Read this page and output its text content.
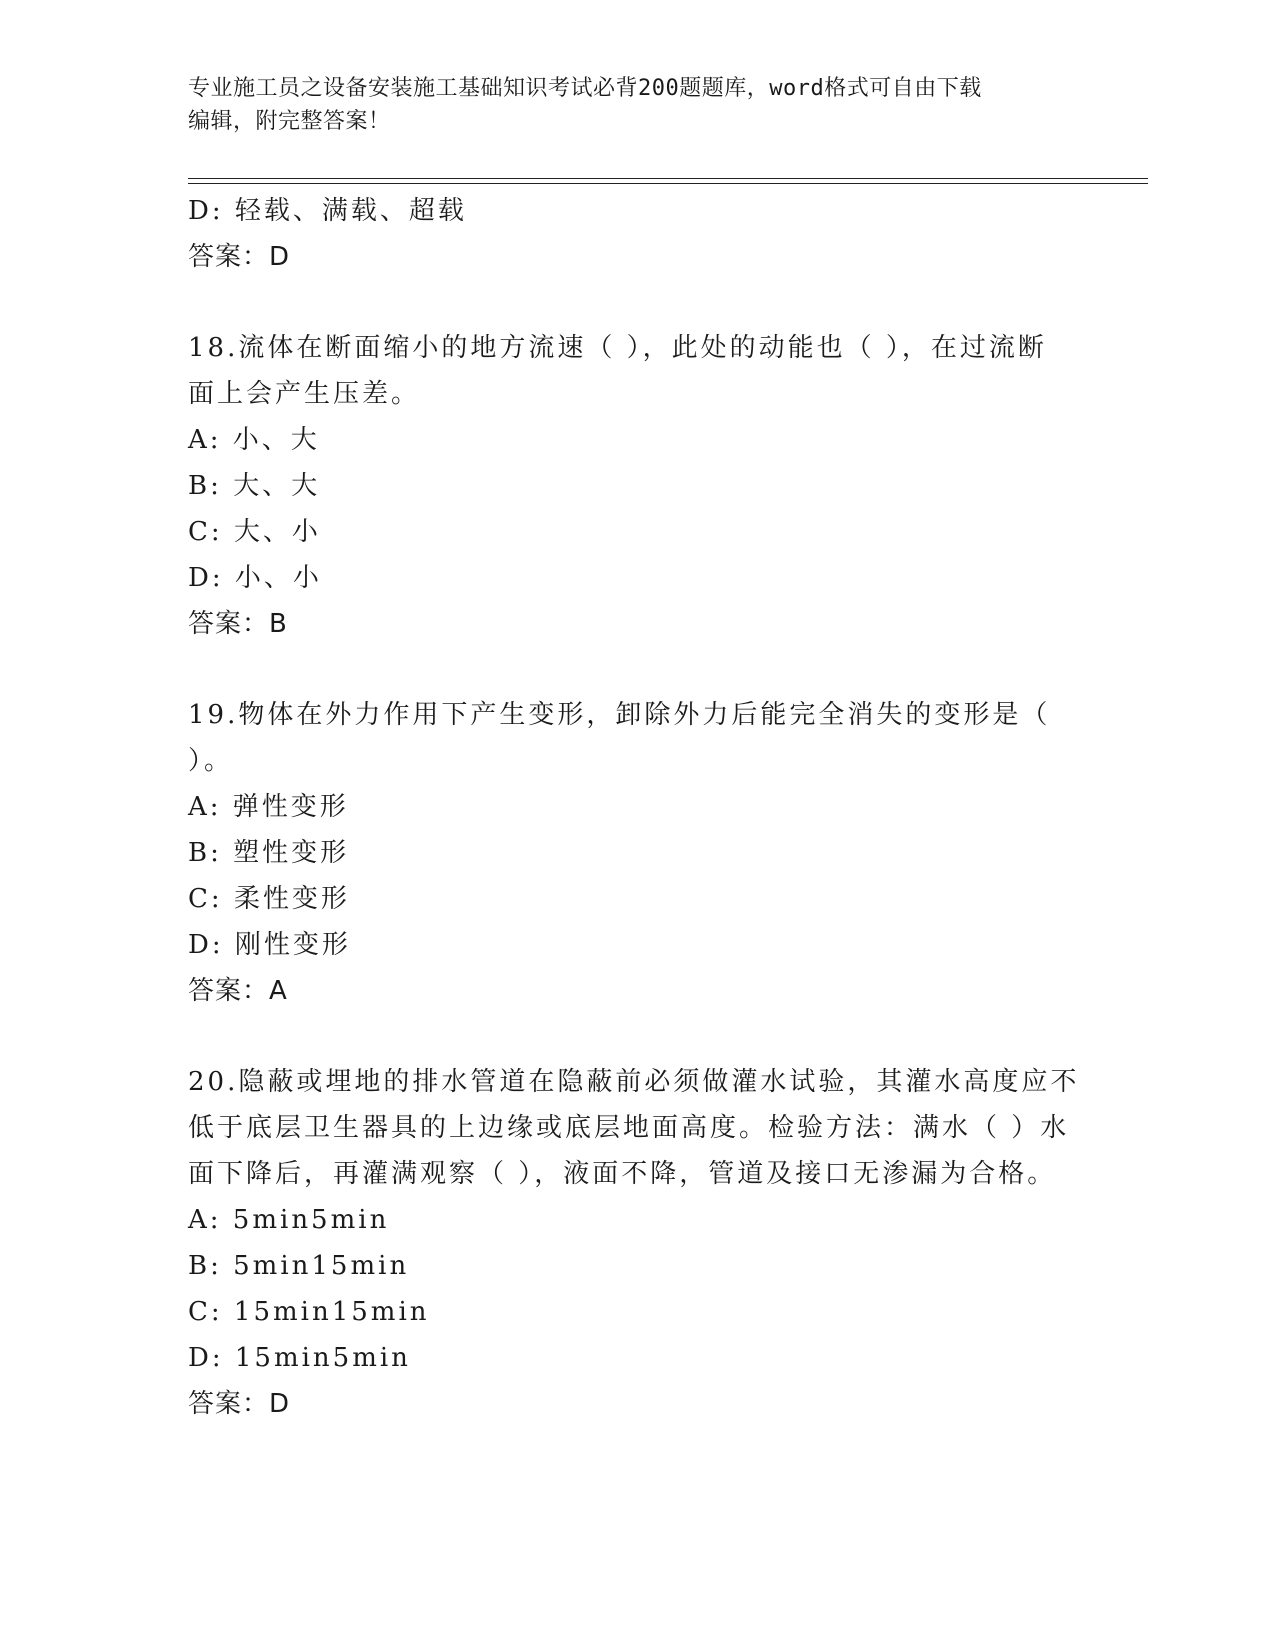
专业施工员之设备安装施工基础知识考试必背200题题库，word格式可自由下载
编辑，附完整答案！
D: 轻载、满载、超载
答案：D
18.流体在断面缩小的地方流速（ ），此处的动能也（ ），在过流断
面上会产生压差。
A: 小、大
B: 大、大
C: 大、小
D: 小、小
答案：B
19.物体在外力作用下产生变形，卸除外力后能完全消失的变形是（
）。
A: 弹性变形
B: 塑性变形
C: 柔性变形
D: 刚性变形
答案：A
20.隐蔽或埋地的排水管道在隐蔽前必须做灌水试验，其灌水高度应不
低于底层卫生器具的上边缘或底层地面高度。检验方法：满水（ ）水
面下降后，再灌满观察（ ），液面不降，管道及接口无渗漏为合格。
A: 5min5min
B: 5min15min
C: 15min15min
D: 15min5min
答案：D
